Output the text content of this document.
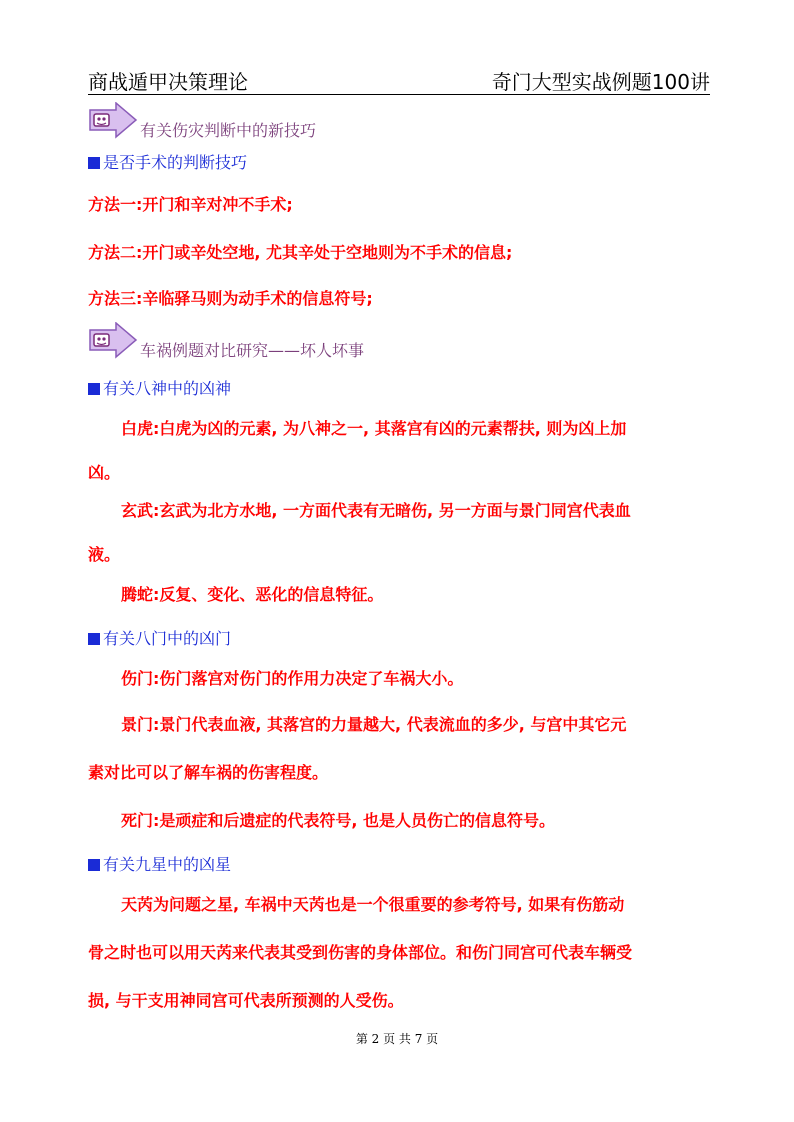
商战遁甲决策理论	奇门大型实战例题100讲
有关伤灾判断中的新技巧
是否手术的判断技巧
方法一:开门和辛对冲不手术;
方法二:开门或辛处空地, 尤其辛处于空地则为不手术的信息;
方法三:辛临驿马则为动手术的信息符号;
车祸例题对比研究——坏人坏事
有关八神中的凶神
白虎:白虎为凶的元素, 为八神之一, 其落宫有凶的元素帮扶, 则为凶上加
凶。
玄武:玄武为北方水地, 一方面代表有无暗伤, 另一方面与景门同宫代表血
液。
腾蛇:反复、变化、恶化的信息特征。
有关八门中的凶门
伤门:伤门落宫对伤门的作用力决定了车祸大小。
景门:景门代表血液, 其落宫的力量越大, 代表流血的多少, 与宫中其它元
素对比可以了解车祸的伤害程度。
死门:是顽症和后遗症的代表符号, 也是人员伤亡的信息符号。
有关九星中的凶星
天芮为问题之星, 车祸中天芮也是一个很重要的参考符号, 如果有伤筋动
骨之时也可以用天芮来代表其受到伤害的身体部位。和伤门同宫可代表车辆受
损, 与干支用神同宫可代表所预测的人受伤。
第 2 页 共 7 页
